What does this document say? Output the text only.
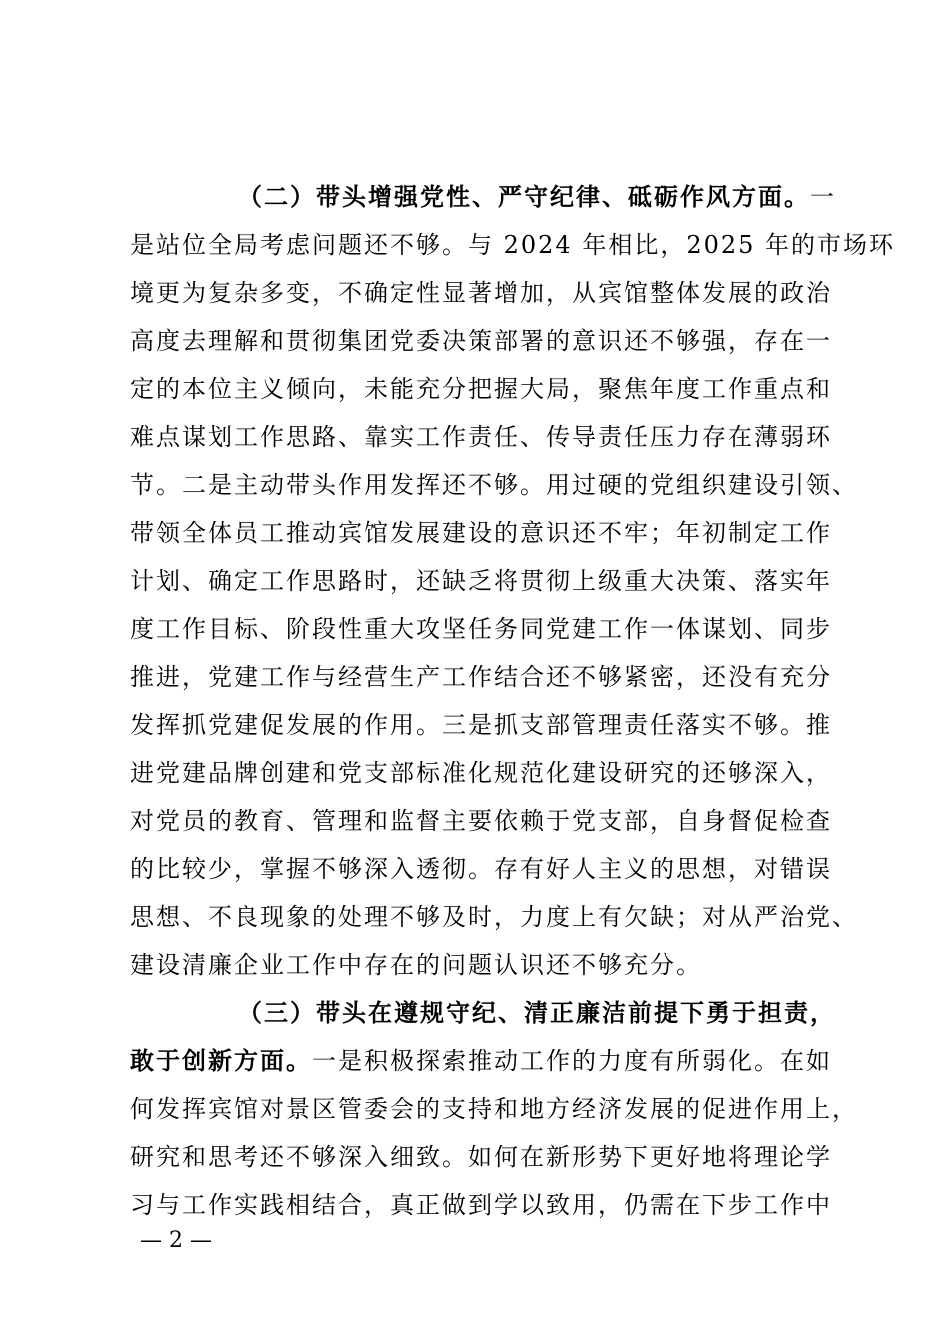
（二）带头增强党性、严守纪律、砥砺作风方面。一
是站位全局考虑问题还不够。与 2024 年相比，2025 年的市场环
境更为复杂多变，不确定性显著增加，从宾馆整体发展的政治
高度去理解和贯彻集团党委决策部署的意识还不够强，存在一
定的本位主义倾向，未能充分把握大局，聚焦年度工作重点和
难点谋划工作思路、靠实工作责任、传导责任压力存在薄弱环
节。二是主动带头作用发挥还不够。用过硬的党组织建设引领、
带领全体员工推动宾馆发展建设的意识还不牢；年初制定工作
计划、确定工作思路时，还缺乏将贯彻上级重大决策、落实年
度工作目标、阶段性重大攻坚任务同党建工作一体谋划、同步
推进，党建工作与经营生产工作结合还不够紧密，还没有充分
发挥抓党建促发展的作用。三是抓支部管理责任落实不够。推
进党建品牌创建和党支部标准化规范化建设研究的还够深入，
对党员的教育、管理和监督主要依赖于党支部，自身督促检查
的比较少，掌握不够深入透彻。存有好人主义的思想，对错误
思想、不良现象的处理不够及时，力度上有欠缺；对从严治党、
建设清廉企业工作中存在的问题认识还不够充分。
（三）带头在遵规守纪、清正廉洁前提下勇于担责，
敢于创新方面。一是积极探索推动工作的力度有所弱化。在如
何发挥宾馆对景区管委会的支持和地方经济发展的促进作用上，
研究和思考还不够深入细致。如何在新形势下更好地将理论学
习与工作实践相结合，真正做到学以致用，仍需在下步工作中
— 2 —
